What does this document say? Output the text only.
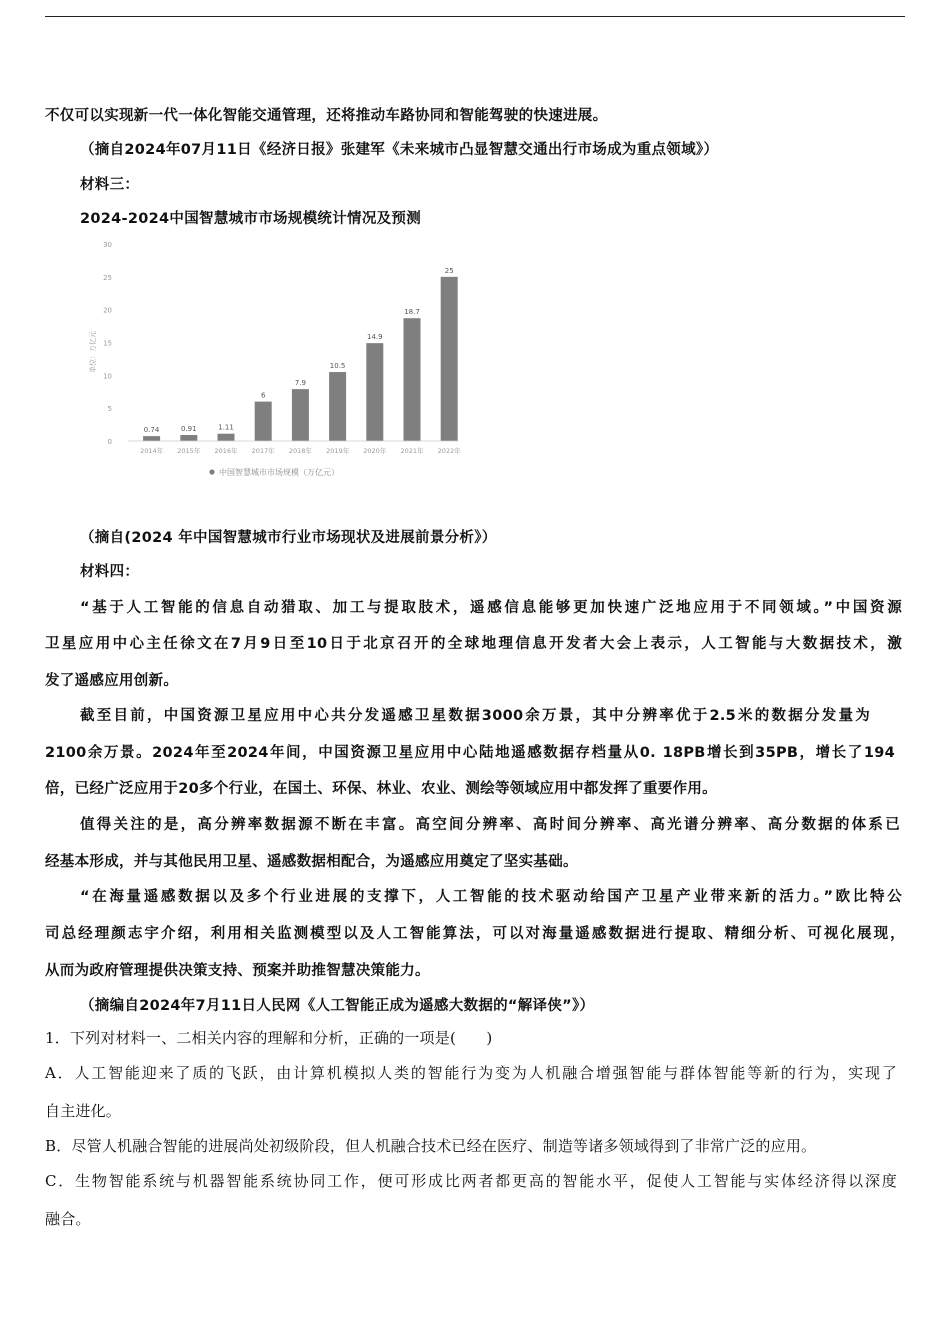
不仅可以实现新一代一体化智能交通管理，还将推动车路协同和智能驾驶的快速进展。
（摘自2024年07月11日《经济日报》张建军《未来城市凸显智慧交通出行市场成为重点领域》）
材料三：
2024-2024中国智慧城市市场规模统计情况及预测
0
5
10
15
20
25
30
0.74
2014年
0.91
2015年
1.11
2016年
6
2017年
7.9
2018年
10.5
2019年
14.9
2020年
18.7
2021年
25
2022年
单位：万亿元
中国智慧城市市场规模（万亿元）
（摘自(2024 年中国智慧城市行业市场现状及进展前景分析》）
材料四：
“基于人工智能的信息自动猎取、加工与提取肢术，遥感信息能够更加快速广泛地应用于不同领域。”中国资源
卫星应用中心主任徐文在7月9日至10日于北京召开的全球地理信息开发者大会上表示，人工智能与大数据技术，激
发了遥感应用创新。
截至目前，中国资源卫星应用中心共分发遥感卫星数据3000余万景，其中分辨率优于2.5米的数据分发量为
2100余万景。2024年至2024年间，中国资源卫星应用中心陆地遥感数据存档量从0. 18PB增长到35PB，增长了194
倍，已经广泛应用于20多个行业，在国土、环保、林业、农业、测绘等领域应用中都发挥了重要作用。
值得关注的是，高分辨率数据源不断在丰富。高空间分辨率、高时间分辨率、高光谱分辨率、高分数据的体系已
经基本形成，并与其他民用卫星、遥感数据相配合，为遥感应用奠定了坚实基础。
“在海量遥感数据以及多个行业进展的支撑下，人工智能的技术驱动给国产卫星产业带来新的活力。”欧比特公
司总经理颜志宇介绍，利用相关监测模型以及人工智能算法，可以对海量遥感数据进行提取、精细分析、可视化展现，
从而为政府管理提供决策支持、预案并助推智慧决策能力。
（摘编自2024年7月11日人民网《人工智能正成为遥感大数据的“解译侠”》）
1．下列对材料一、二相关内容的理解和分析，正确的一项是(　　)
A．人工智能迎来了质的飞跃，由计算机模拟人类的智能行为变为人机融合增强智能与群体智能等新的行为，实现了
自主进化。
B．尽管人机融合智能的进展尚处初级阶段，但人机融合技术已经在医疗、制造等诸多领域得到了非常广泛的应用。
C．生物智能系统与机器智能系统协同工作，便可形成比两者都更高的智能水平，促使人工智能与实体经济得以深度
融合。
